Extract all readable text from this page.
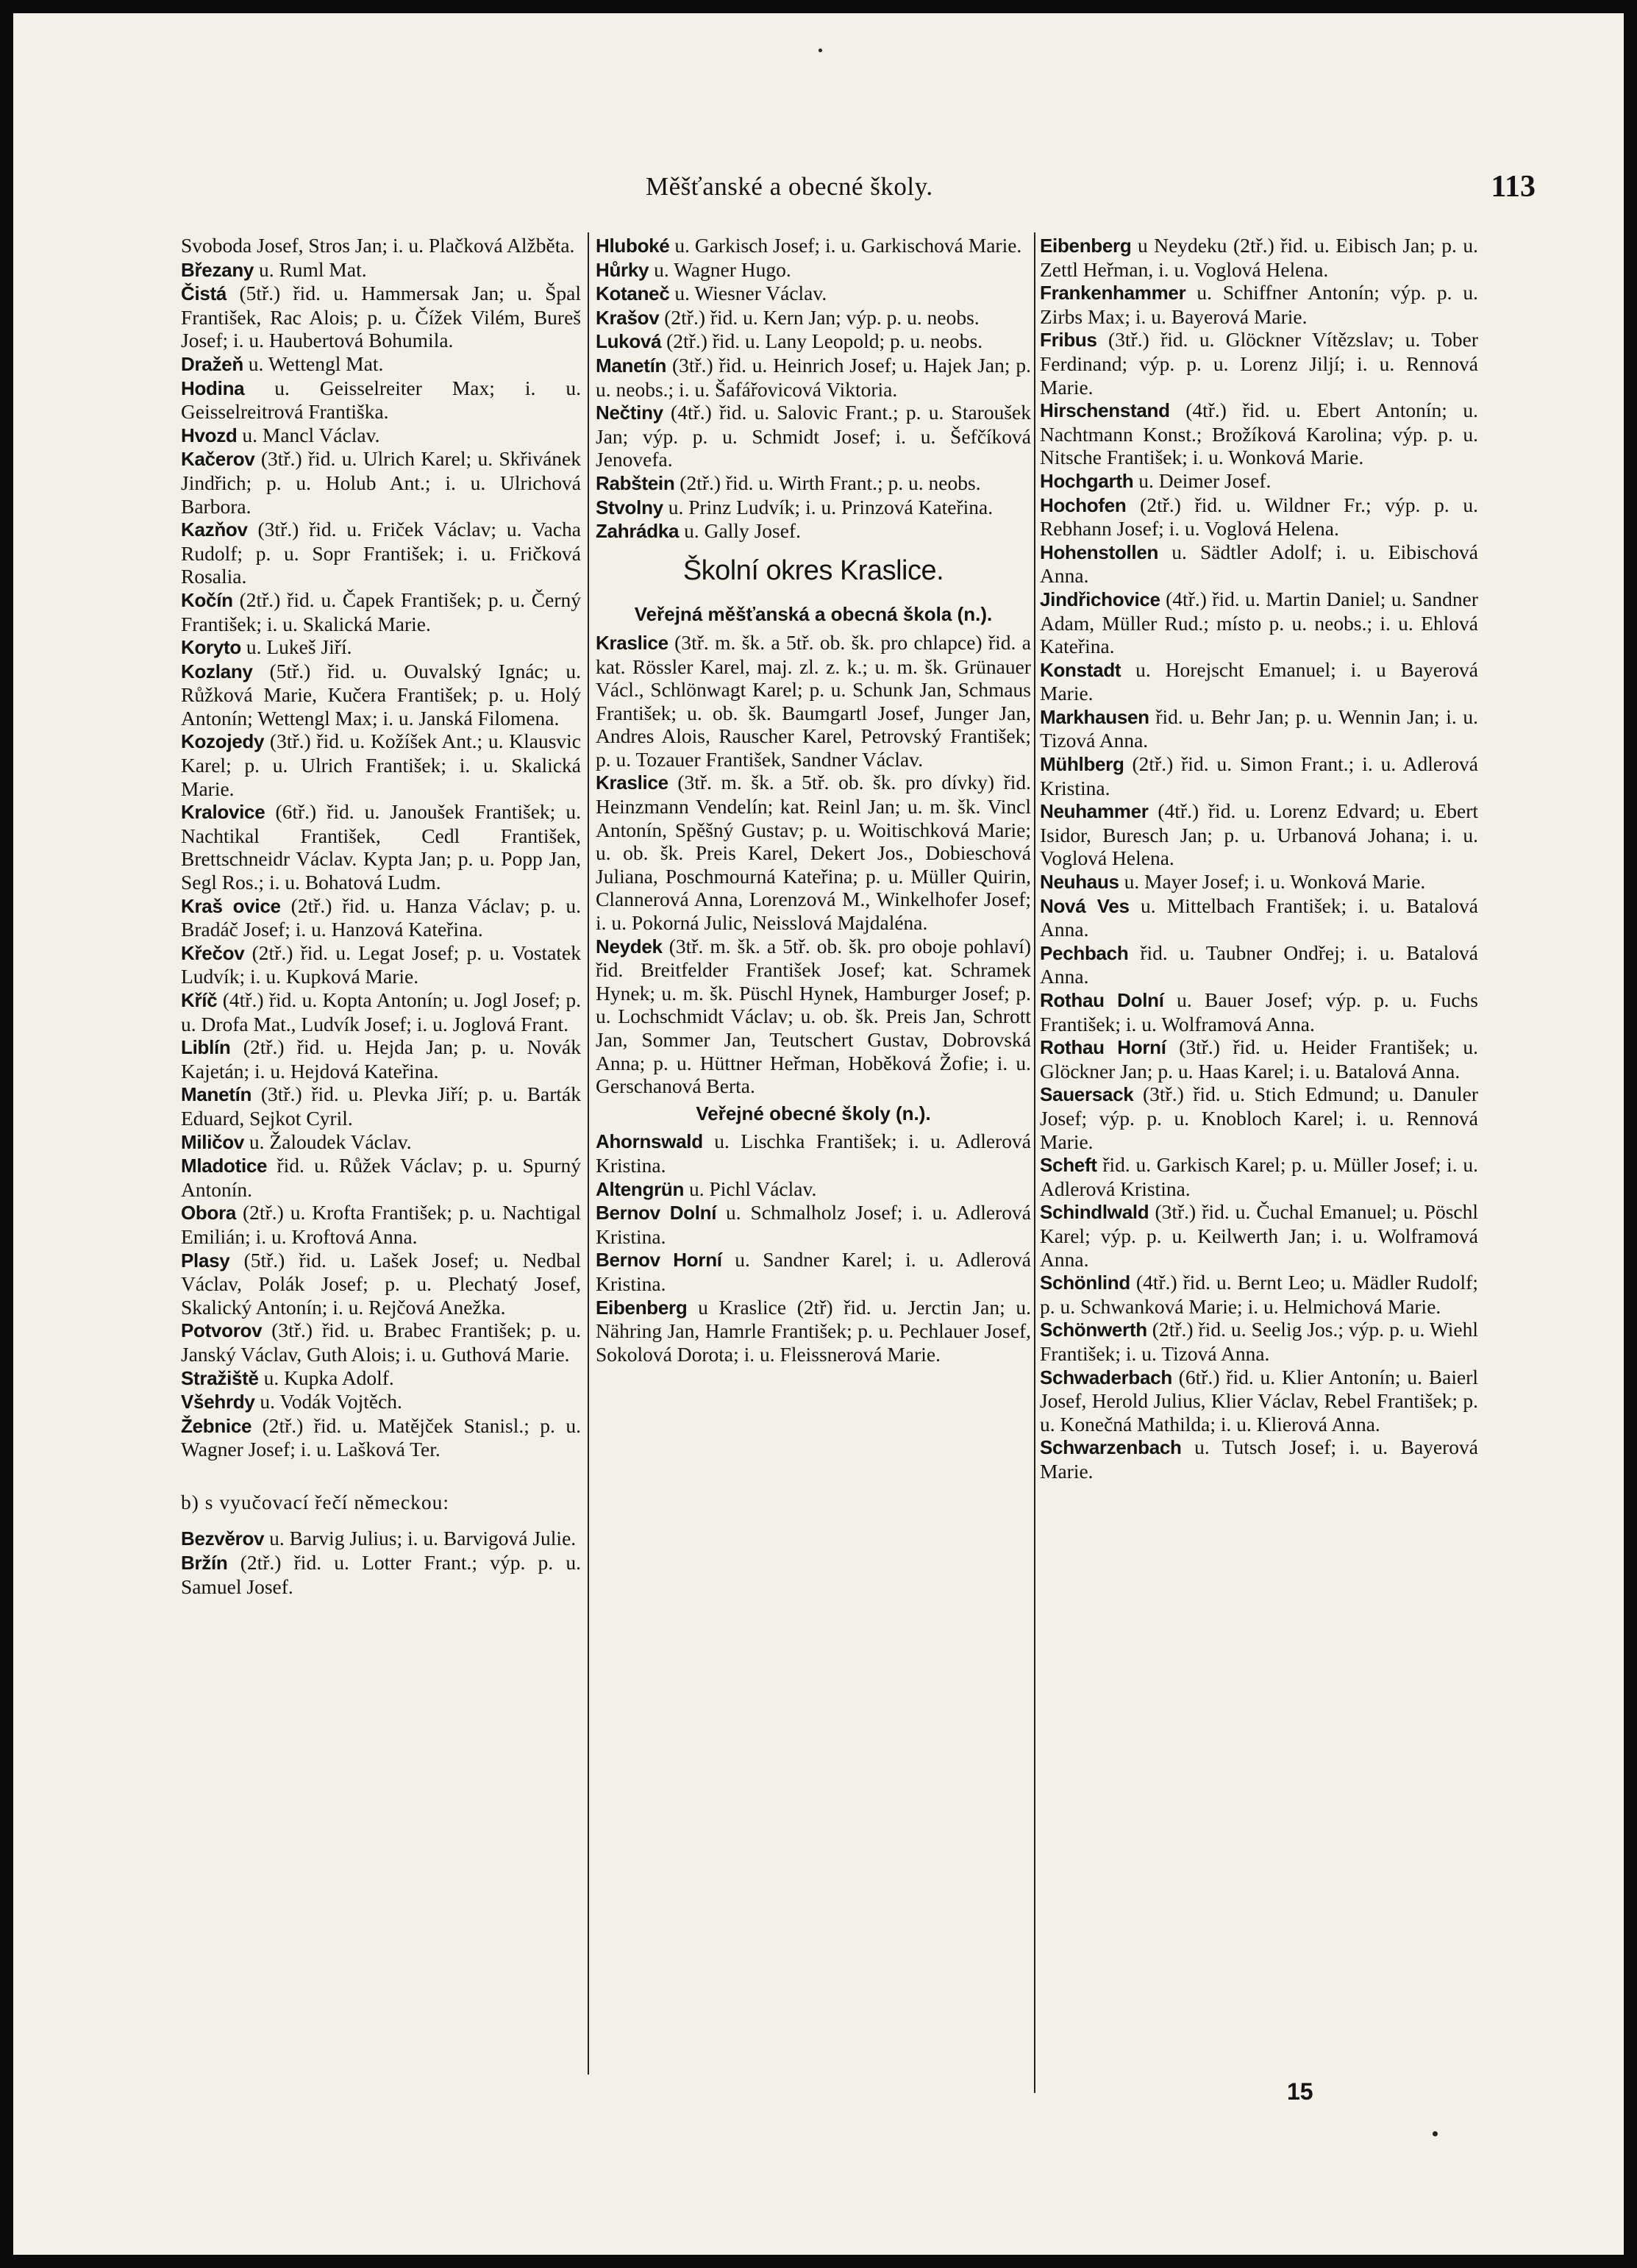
Měšťanské a obecné školy.	113

Svoboda Josef, Stros Jan; i. u. Plačková Alžběta.

Březany u. Ruml Mat.

Čistá (5tř.) řid. u. Hammersak Jan; u. Špal František, Rac Alois; p. u. Čížek Vilém, Bureš Josef; i. u. Haubertová Bohumila.

Dražeň u. Wettengl Mat.

Hodina u. Geisselreiter Max; i. u. Geisselreitrová Františka.

Hvozd u. Mancl Václav.

Kačerov (3tř.) řid. u. Ulrich Karel; u. Skřivánek Jindřich; p. u. Holub Ant.; i. u. Ulrichová Barbora.

Kazňov (3tř.) řid. u. Friček Václav; u. Vacha Rudolf; p. u. Sopr František; i. u. Fričková Rosalia.

Kočín (2tř.) řid. u. Čapek František; p. u. Černý František; i. u. Skalická Marie.

Koryto u. Lukeš Jiří.

Kozlany (5tř.) řid. u. Ouvalský Ignác; u. Růžková Marie, Kučera František; p. u. Holý Antonín; Wettengl Max; i. u. Janská Filomena.

Kozojedy (3tř.) řid. u. Kožíšek Ant.; u. Klausvic Karel; p. u. Ulrich František; i. u. Skalická Marie.

Kralovice (6tř.) řid. u. Janoušek František; u. Nachtikal František, Cedl František, Brettschneidr Václav. Kypta Jan; p. u. Popp Jan, Segl Ros.; i. u. Bohatová Ludm.

Kraš ovice (2tř.) řid. u. Hanza Václav; p. u. Bradáč Josef; i. u. Hanzová Kateřina.

Křečov (2tř.) řid. u. Legat Josef; p. u. Vostatek Ludvík; i. u. Kupková Marie.

Kříč (4tř.) řid. u. Kopta Antonín; u. Jogl Josef; p. u. Drofa Mat., Ludvík Josef; i. u. Joglová Frant.

Liblín (2tř.) řid. u. Hejda Jan; p. u. Novák Kajetán; i. u. Hejdová Kateřina.

Manetín (3tř.) řid. u. Plevka Jiří; p. u. Barták Eduard, Sejkot Cyril.

Miličov u. Žaloudek Václav.

Mladotice řid. u. Růžek Václav; p. u. Spurný Antonín.

Obora (2tř.) u. Krofta František; p. u. Nachtigal Emilián; i. u. Kroftová Anna.

Plasy (5tř.) řid. u. Lašek Josef; u. Nedbal Václav, Polák Josef; p. u. Plechatý Josef, Skalický Antonín; i. u. Rejčová Anežka.

Potvorov (3tř.) řid. u. Brabec František; p. u. Janský Václav, Guth Alois; i. u. Guthová Marie.

Stražiště u. Kupka Adolf.

Všehrdy u. Vodák Vojtěch.

Žebnice (2tř.) řid. u. Matějček Stanisl.; p. u. Wagner Josef; i. u. Lašková Ter.

b) s vyučovací řečí německou:

Bezvěrov u. Barvig Julius; i. u. Barvigová Julie.

Bržín (2tř.) řid. u. Lotter Frant.; výp. p. u. Samuel Josef.

Hluboké u. Garkisch Josef; i. u. Garkischová Marie.

Hůrky u. Wagner Hugo.

Kotaneč u. Wiesner Václav.

Krašov (2tř.) řid. u. Kern Jan; výp. p. u. neobs.

Luková (2tř.) řid. u. Lany Leopold; p. u. neobs.

Manetín (3tř.) řid. u. Heinrich Josef; u. Hajek Jan; p. u. neobs.; i. u. Šafářovicová Viktoria.

Nečtiny (4tř.) řid. u. Salovic Frant.; p. u. Staroušek Jan; výp. p. u. Schmidt Josef; i. u. Šefčíková Jenovefa.

Rabštein (2tř.) řid. u. Wirth Frant.; p. u. neobs.

Stvolny u. Prinz Ludvík; i. u. Prinzová Kateřina.

Zahrádka u. Gally Josef.

Školní okres Kraslice.
Veřejná měšťanská a obecná škola (n.).

Kraslice (3tř. m. šk. a 5tř. ob. šk. pro chlapce) řid. a kat. Rössler Karel, maj. zl. z. k.; u. m. šk. Grünauer Václ., Schlönwagt Karel; p. u. Schunk Jan, Schmaus František; u. ob. šk. Baumgartl Josef, Junger Jan, Andres Alois, Rauscher Karel, Petrovský František; p. u. Tozauer František, Sandner Václav.

Kraslice (3tř. m. šk. a 5tř. ob. šk. pro dívky) řid. Heinzmann Vendelín; kat. Reinl Jan; u. m. šk. Vincl Antonín, Spěšný Gustav; p. u. Woitischková Marie; u. ob. šk. Preis Karel, Dekert Jos., Dobieschová Juliana, Poschmourná Kateřina; p. u. Müller Quirin, Clannerová Anna, Lorenzová M., Winkelhofer Josef; i. u. Pokorná Julic, Neisslová Majdaléna.

Neydek (3tř. m. šk. a 5tř. ob. šk. pro oboje pohlaví) řid. Breitfelder František Josef; kat. Schramek Hynek; u. m. šk. Püschl Hynek, Hamburger Josef; p. u. Lochschmidt Václav; u. ob. šk. Preis Jan, Schrott Jan, Sommer Jan, Teutschert Gustav, Dobrovská Anna; p. u. Hüttner Heřman, Hoběková Žofie; i. u. Gerschanová Berta.

Veřejné obecné školy (n.).

Ahornswald u. Lischka František; i. u. Adlerová Kristina.

Altengrün u. Pichl Václav.

Bernov Dolní u. Schmalholz Josef; i. u. Adlerová Kristina.

Bernov Horní u. Sandner Karel; i. u. Adlerová Kristina.

Eibenberg u Kraslice (2tř) řid. u. Jerctin Jan; u. Nähring Jan, Hamrle František; p. u. Pechlauer Josef, Sokolová Dorota; i. u. Fleissnerová Marie.

Eibenberg u Neydeku (2tř.) řid. u. Eibisch Jan; p. u. Zettl Heřman, i. u. Voglová Helena.

Frankenhammer u. Schiffner Antonín; výp. p. u. Zirbs Max; i. u. Bayerová Marie.

Fribus (3tř.) řid. u. Glöckner Vítězslav; u. Tober Ferdinand; výp. p. u. Lorenz Jiljí; i. u. Rennová Marie.

Hirschenstand (4tř.) řid. u. Ebert Antonín; u. Nachtmann Konst.; Brožíková Karolina; výp. p. u. Nitsche František; i. u. Wonková Marie.

Hochgarth u. Deimer Josef.

Hochofen (2tř.) řid. u. Wildner Fr.; výp. p. u. Rebhann Josef; i. u. Voglová Helena.

Hohenstollen u. Sädtler Adolf; i. u. Eibischová Anna.

Jindřichovice (4tř.) řid. u. Martin Daniel; u. Sandner Adam, Müller Rud.; místo p. u. neobs.; i. u. Ehlová Kateřina.

Konstadt u. Horejscht Emanuel; i. u Bayerová Marie.

Markhausen řid. u. Behr Jan; p. u. Wennin Jan; i. u. Tizová Anna.

Mühlberg (2tř.) řid. u. Simon Frant.; i. u. Adlerová Kristina.

Neuhammer (4tř.) řid. u. Lorenz Edvard; u. Ebert Isidor, Buresch Jan; p. u. Urbanová Johana; i. u. Voglová Helena.

Neuhaus u. Mayer Josef; i. u. Wonková Marie.

Nová Ves u. Mittelbach František; i. u. Batalová Anna.

Pechbach řid. u. Taubner Ondřej; i. u. Batalová Anna.

Rothau Dolní u. Bauer Josef; výp. p. u. Fuchs František; i. u. Wolframová Anna.

Rothau Horní (3tř.) řid. u. Heider František; u. Glöckner Jan; p. u. Haas Karel; i. u. Batalová Anna.

Sauersack (3tř.) řid. u. Stich Edmund; u. Danuler Josef; výp. p. u. Knobloch Karel; i. u. Rennová Marie.

Scheft řid. u. Garkisch Karel; p. u. Müller Josef; i. u. Adlerová Kristina.

Schindlwald (3tř.) řid. u. Čuchal Emanuel; u. Pöschl Karel; výp. p. u. Keilwerth Jan; i. u. Wolframová Anna.

Schönlind (4tř.) řid. u. Bernt Leo; u. Mädler Rudolf; p. u. Schwanková Marie; i. u. Helmichová Marie.

Schönwerth (2tř.) řid. u. Seelig Jos.; výp. p. u. Wiehl František; i. u. Tizová Anna.

Schwaderbach (6tř.) řid. u. Klier Antonín; u. Baierl Josef, Herold Julius, Klier Václav, Rebel František; p. u. Konečná Mathilda; i. u. Klierová Anna.

Schwarzenbach u. Tutsch Josef; i. u. Bayerová Marie.

15
